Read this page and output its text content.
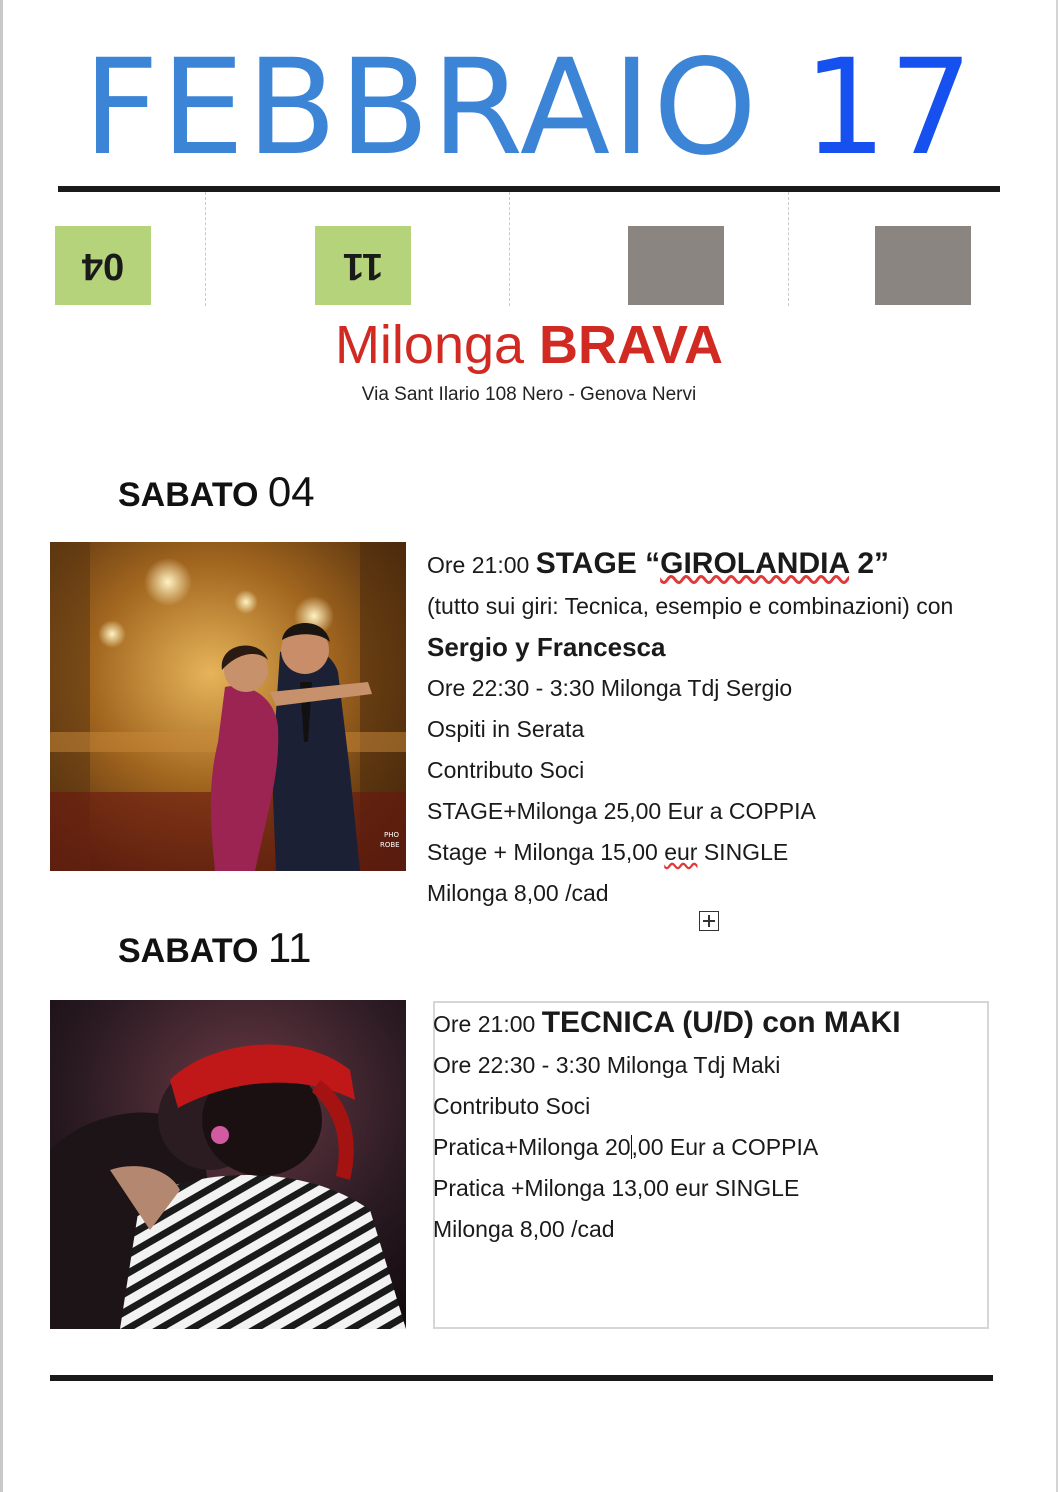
FEBBRAIO 17
04	11
Milonga BRAVA
Via Sant Ilario 108 Nero - Genova Nervi
SABATO 04
PHO
ROBE
Ore 21:00 STAGE “GIROLANDIA 2”
(tutto sui giri: Tecnica, esempio e combinazioni) con
Sergio y Francesca
Ore 22:30 - 3:30 Milonga Tdj Sergio
Ospiti in Serata
Contributo Soci
STAGE+Milonga 25,00 Eur a COPPIA
Stage + Milonga 15,00 eur SINGLE
Milonga 8,00 /cad
SABATO 11
Ore 21:00 TECNICA (U/D) con MAKI
Ore 22:30 - 3:30 Milonga Tdj Maki
Contributo Soci
Pratica+Milonga 20,00 Eur a COPPIA
Pratica +Milonga 13,00 eur SINGLE
Milonga 8,00 /cad
